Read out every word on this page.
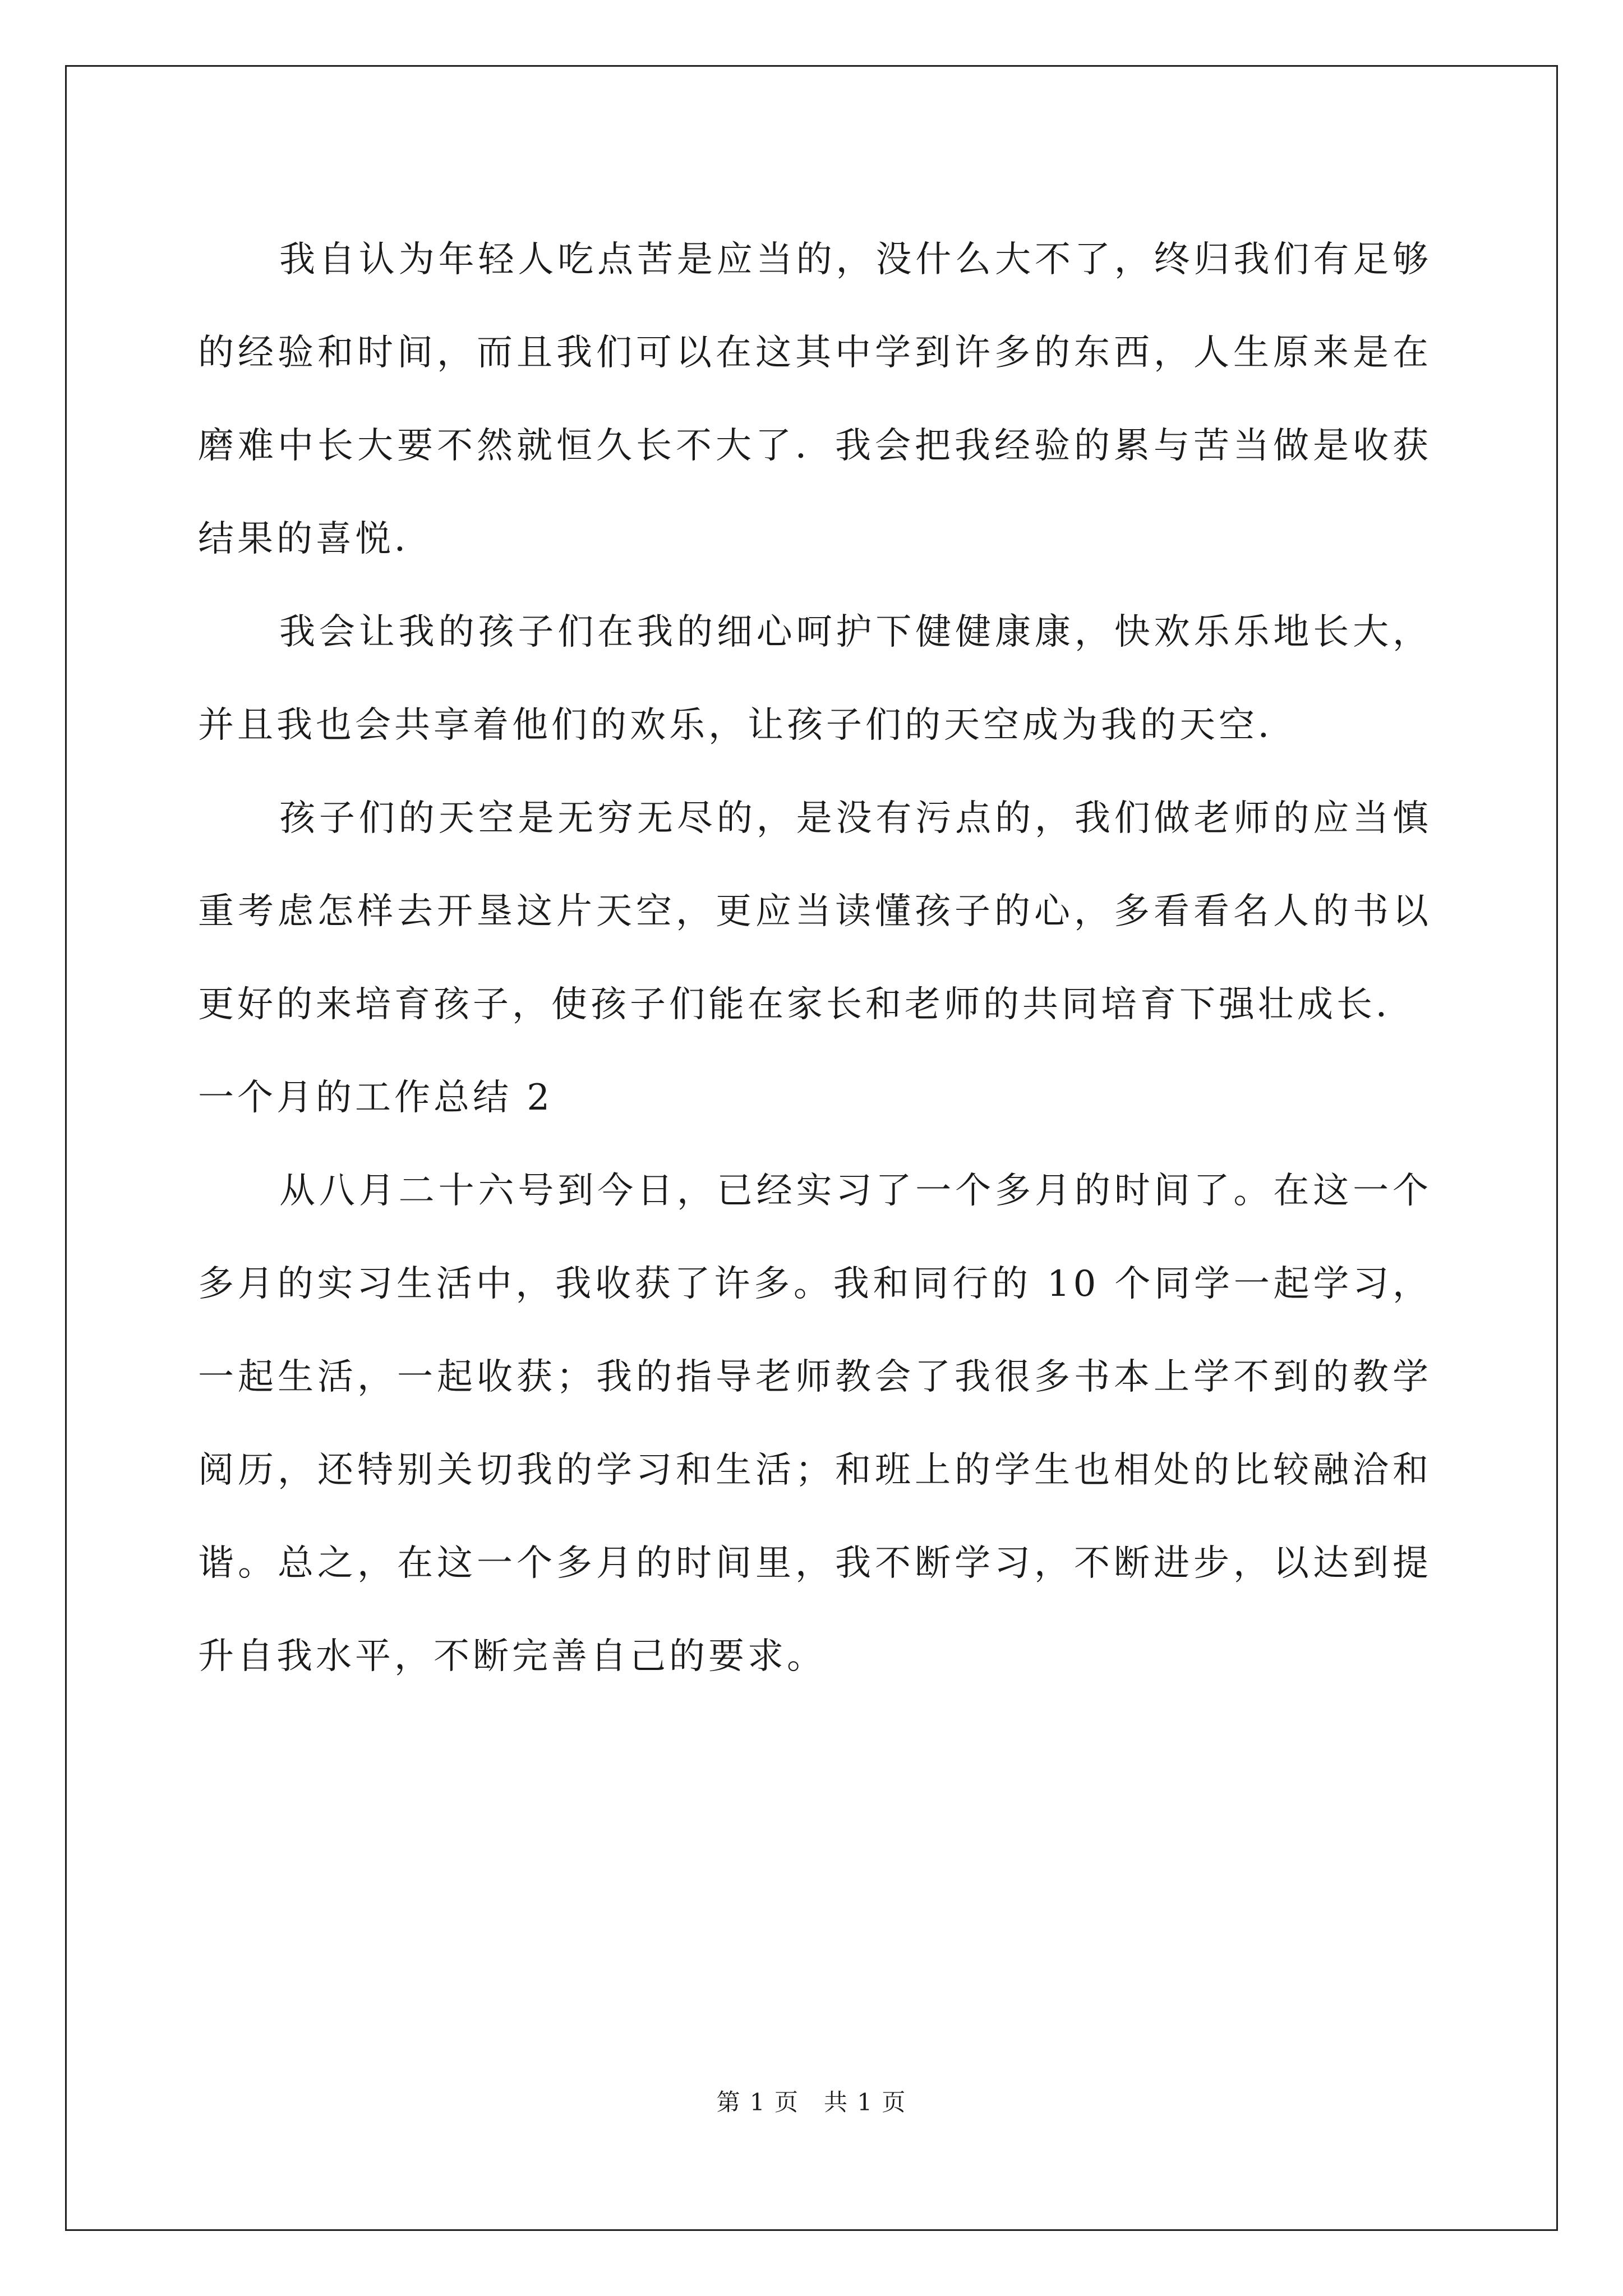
我自认为年轻人吃点苦是应当的，没什么大不了，终归我们有足够的经验和时间，而且我们可以在这其中学到许多的东西，人生原来是在磨难中长大要不然就恒久长不大了．我会把我经验的累与苦当做是收获结果的喜悦．

我会让我的孩子们在我的细心呵护下健健康康，快欢乐乐地长大，并且我也会共享着他们的欢乐，让孩子们的天空成为我的天空．

孩子们的天空是无穷无尽的，是没有污点的，我们做老师的应当慎重考虑怎样去开垦这片天空，更应当读懂孩子的心，多看看名人的书以更好的来培育孩子，使孩子们能在家长和老师的共同培育下强壮成长．

一个月的工作总结 2

从八月二十六号到今日，已经实习了一个多月的时间了。在这一个多月的实习生活中，我收获了许多。我和同行的 10 个同学一起学习，一起生活，一起收获；我的指导老师教会了我很多书本上学不到的教学阅历，还特别关切我的学习和生活；和班上的学生也相处的比较融洽和谐。总之，在这一个多月的时间里，我不断学习，不断进步，以达到提升自我水平，不断完善自己的要求。

第 1 页　共 1 页
